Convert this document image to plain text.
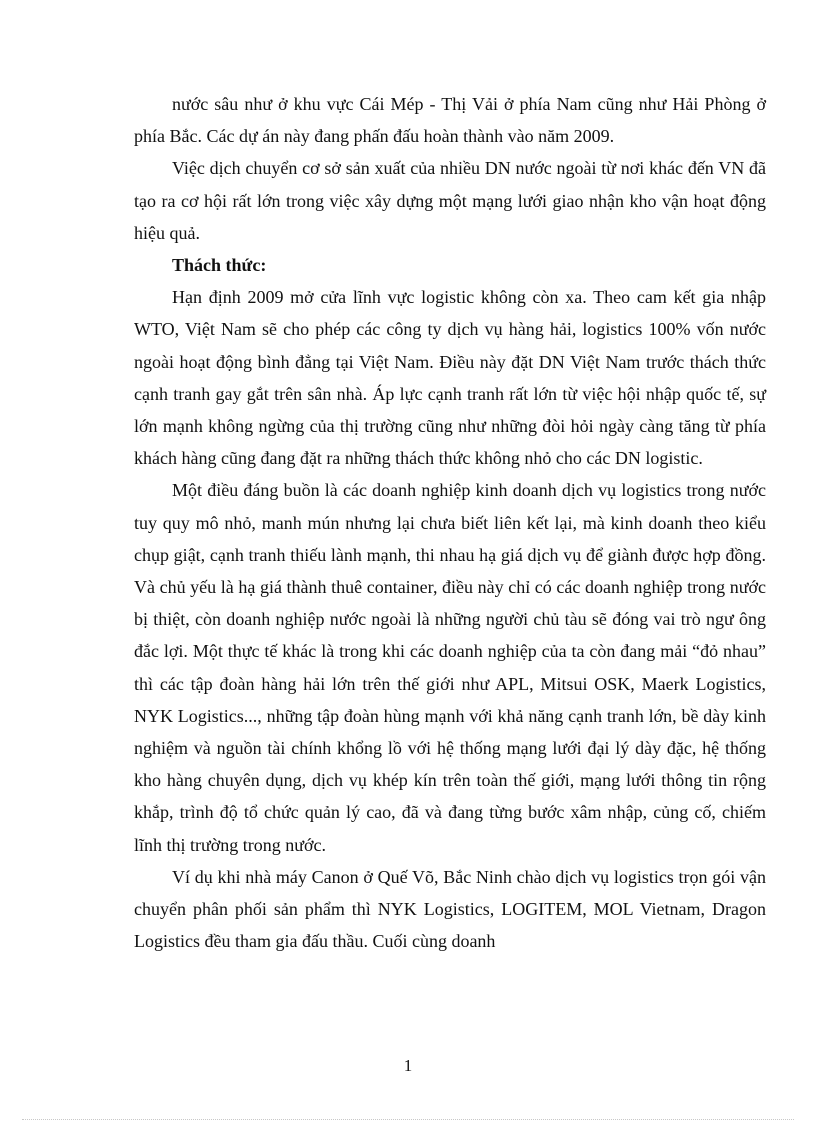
nước sâu như ở khu vực Cái Mép - Thị Vải ở phía Nam cũng như Hải Phòng ở phía Bắc. Các dự án này đang phấn đấu hoàn thành vào năm 2009.

Việc dịch chuyển cơ sở sản xuất của nhiều DN nước ngoài từ nơi khác đến VN đã tạo ra cơ hội rất lớn trong việc xây dựng một mạng lưới giao nhận kho vận hoạt động hiệu quả.

Thách thức:

Hạn định 2009 mở cửa lĩnh vực logistic không còn xa. Theo cam kết gia nhập WTO, Việt Nam sẽ cho phép các công ty dịch vụ hàng hải, logistics 100% vốn nước ngoài hoạt động bình đẳng tại Việt Nam. Điều này đặt DN Việt Nam trước thách thức cạnh tranh gay gắt trên sân nhà. Áp lực cạnh tranh rất lớn từ việc hội nhập quốc tế, sự lớn mạnh không ngừng của thị trường cũng như những đòi hỏi ngày càng tăng từ phía khách hàng cũng đang đặt ra những thách thức không nhỏ cho các DN logistic.

Một điều đáng buồn là các doanh nghiệp kinh doanh dịch vụ logistics trong nước tuy quy mô nhỏ, manh mún nhưng lại chưa biết liên kết lại, mà kinh doanh theo kiểu chụp giật, cạnh tranh thiếu lành mạnh, thi nhau hạ giá dịch vụ để giành được hợp đồng. Và chủ yếu là hạ giá thành thuê container, điều này chỉ có các doanh nghiệp trong nước bị thiệt, còn doanh nghiệp nước ngoài là những người chủ tàu sẽ đóng vai trò ngư ông đắc lợi. Một thực tế khác là trong khi các doanh nghiệp của ta còn đang mải “đỏ nhau” thì các tập đoàn hàng hải lớn trên thế giới như APL, Mitsui OSK, Maerk Logistics, NYK Logistics..., những tập đoàn hùng mạnh với khả năng cạnh tranh lớn, bề dày kinh nghiệm và nguồn tài chính khổng lồ với hệ thống mạng lưới đại lý dày đặc, hệ thống kho hàng chuyên dụng, dịch vụ khép kín trên toàn thế giới, mạng lưới thông tin rộng khắp, trình độ tổ chức quản lý cao, đã và đang từng bước xâm nhập, củng cố, chiếm lĩnh thị trường trong nước.

Ví dụ khi nhà máy Canon ở Quế Võ, Bắc Ninh chào dịch vụ logistics trọn gói vận chuyển phân phối sản phẩm thì NYK Logistics, LOGITEM, MOL Vietnam, Dragon Logistics đều tham gia đấu thầu. Cuối cùng doanh

1
